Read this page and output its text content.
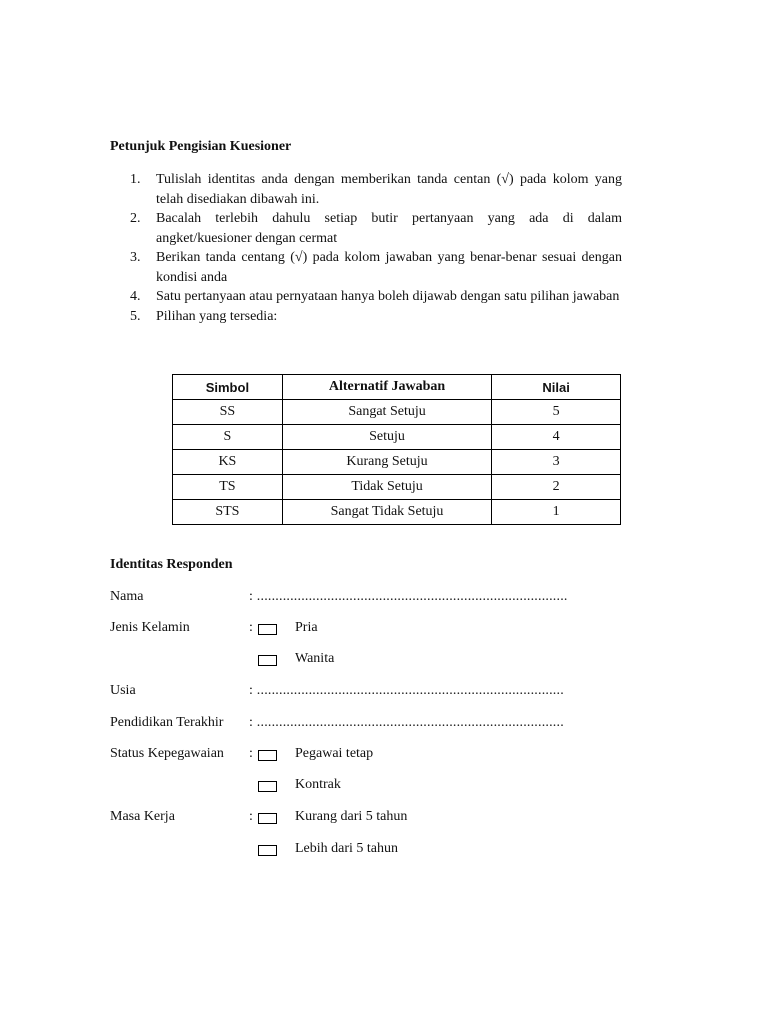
Petunjuk Pengisian Kuesioner
1. Tulislah identitas anda dengan memberikan tanda centan (√) pada kolom yang telah disediakan dibawah ini.
2. Bacalah terlebih dahulu setiap butir pertanyaan yang ada di dalam angket/kuesioner dengan cermat
3. Berikan tanda centang (√) pada kolom jawaban yang benar-benar sesuai dengan kondisi anda
4. Satu pertanyaan atau pernyataan hanya boleh dijawab dengan satu pilihan jawaban
5. Pilihan yang tersedia:
Simbol	Alternatif Jawaban	Nilai
SS	Sangat Setuju	5
S	Setuju	4
KS	Kurang Setuju	3
TS	Tidak Setuju	2
STS	Sangat Tidak Setuju	1
Identitas Responden
Nama	: ....................................................................................
Jenis Kelamin	:	Pria
Wanita
Usia	: ...................................................................................
Pendidikan Terakhir : ...................................................................................
Status Kepegawaian :	Pegawai tetap
Kontrak
Masa Kerja	:	Kurang dari 5 tahun
Lebih dari 5 tahun
